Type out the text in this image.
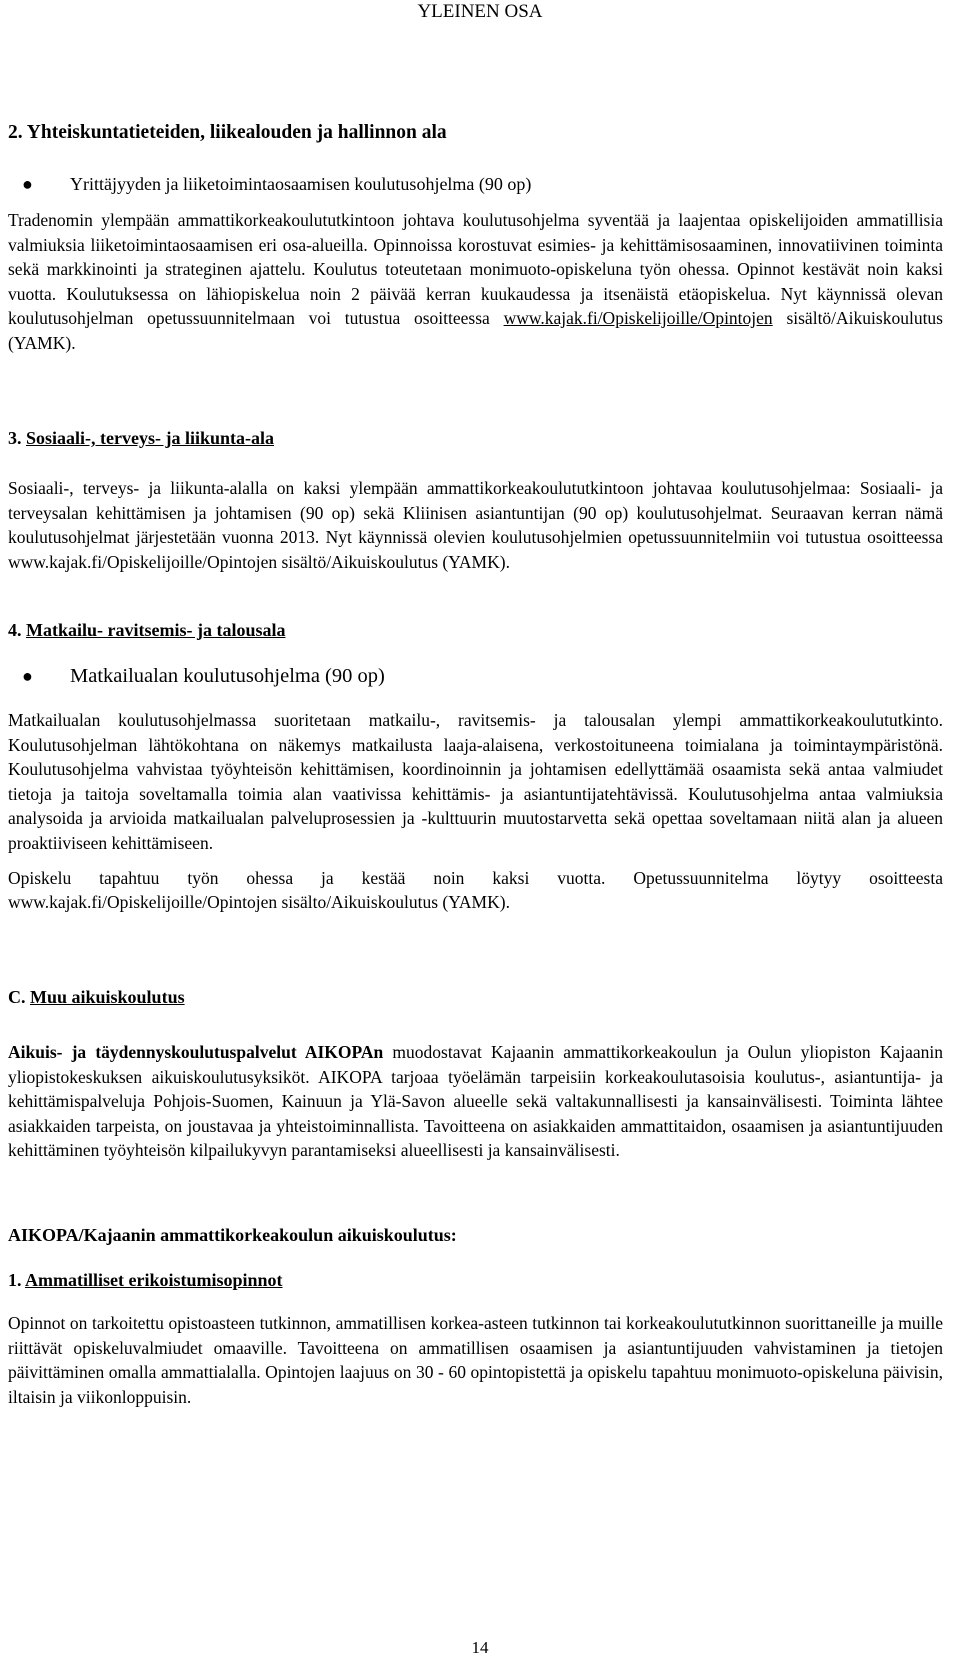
YLEINEN OSA

2. Yhteiskuntatieteiden, liikealouden ja hallinnon ala

● Yrittäjyyden ja liiketoimintaosaamisen koulutusohjelma (90 op)

Tradenomin ylempään ammattikorkeakoulututkintoon johtava koulutusohjelma syventää ja laajentaa opiskelijoiden ammatillisia valmiuksia liiketoimintaosaamisen eri osa-alueilla. Opinnoissa korostuvat esimies- ja kehittämisosaaminen, innovatiivinen toiminta sekä markkinointi ja strateginen ajattelu. Koulutus toteutetaan monimuoto-opiskeluna työn ohessa. Opinnot kestävät noin kaksi vuotta. Koulutuksessa on lähiopiskelua noin 2 päivää kerran kuukaudessa ja itsenäistä etäopiskelua. Nyt käynnissä olevan koulutusohjelman opetussuunnitelmaan voi tutustua osoitteessa www.kajak.fi/Opiskelijoille/Opintojen sisältö/Aikuiskoulutus (YAMK).

3. Sosiaali-, terveys- ja liikunta-ala

Sosiaali-, terveys- ja liikunta-alalla on kaksi ylempään ammattikorkeakoulututkintoon johtavaa koulutusohjelmaa: Sosiaali- ja terveysalan kehittämisen ja johtamisen (90 op) sekä Kliinisen asiantuntijan (90 op) koulutusohjelmat. Seuraavan kerran nämä koulutusohjelmat järjestetään vuonna 2013. Nyt käynnissä olevien koulutusohjelmien opetussuunnitelmiin voi tutustua osoitteessa www.kajak.fi/Opiskelijoille/Opintojen sisältö/Aikuiskoulutus (YAMK).

4. Matkailu- ravitsemis- ja talousala

● Matkailualan koulutusohjelma (90 op)

Matkailualan koulutusohjelmassa suoritetaan matkailu-, ravitsemis- ja talousalan ylempi ammattikorkeakoulututkinto. Koulutusohjelman lähtökohtana on näkemys matkailusta laaja-alaisena, verkostoituneena toimialana ja toimintaympäristönä. Koulutusohjelma vahvistaa työyhteisön kehittämisen, koordinoinnin ja johtamisen edellyttämää osaamista sekä antaa valmiudet tietoja ja taitoja soveltamalla toimia alan vaativissa kehittämis- ja asiantuntijatehtävissä. Koulutusohjelma antaa valmiuksia analysoida ja arvioida matkailualan palveluprosessien ja -kulttuurin muutostarvetta sekä opettaa soveltamaan niitä alan ja alueen proaktiiviseen kehittämiseen.

Opiskelu tapahtuu työn ohessa ja kestää noin kaksi vuotta. Opetussuunnitelma löytyy osoitteesta www.kajak.fi/Opiskelijoille/Opintojen sisälto/Aikuiskoulutus (YAMK).

C. Muu aikuiskoulutus

Aikuis- ja täydennyskoulutuspalvelut AIKOPAn muodostavat Kajaanin ammattikorkeakoulun ja Oulun yliopiston Kajaanin yliopistokeskuksen aikuiskoulutusyksiköt. AIKOPA tarjoaa työelämän tarpeisiin korkeakoulutasoisia koulutus-, asiantuntija- ja kehittämispalveluja Pohjois-Suomen, Kainuun ja Ylä-Savon alueelle sekä valtakunnallisesti ja kansainvälisesti. Toiminta lähtee asiakkaiden tarpeista, on joustavaa ja yhteistoiminnallista. Tavoitteena on asiakkaiden ammattitaidon, osaamisen ja asiantuntijuuden kehittäminen työyhteisön kilpailukyvyn parantamiseksi alueellisesti ja kansainvälisesti.

AIKOPA/Kajaanin ammattikorkeakoulun aikuiskoulutus:

1. Ammatilliset erikoistumisopinnot

Opinnot on tarkoitettu opistoasteen tutkinnon, ammatillisen korkea-asteen tutkinnon tai korkeakoulututkinnon suorittaneille ja muille riittävät opiskeluvalmiudet omaaville. Tavoitteena on ammatillisen osaamisen ja asiantuntijuuden vahvistaminen ja tietojen päivittäminen omalla ammattialalla. Opintojen laajuus on 30 - 60 opintopistettä ja opiskelu tapahtuu monimuoto-opiskeluna päivisin, iltaisin ja viikonloppuisin.

14
